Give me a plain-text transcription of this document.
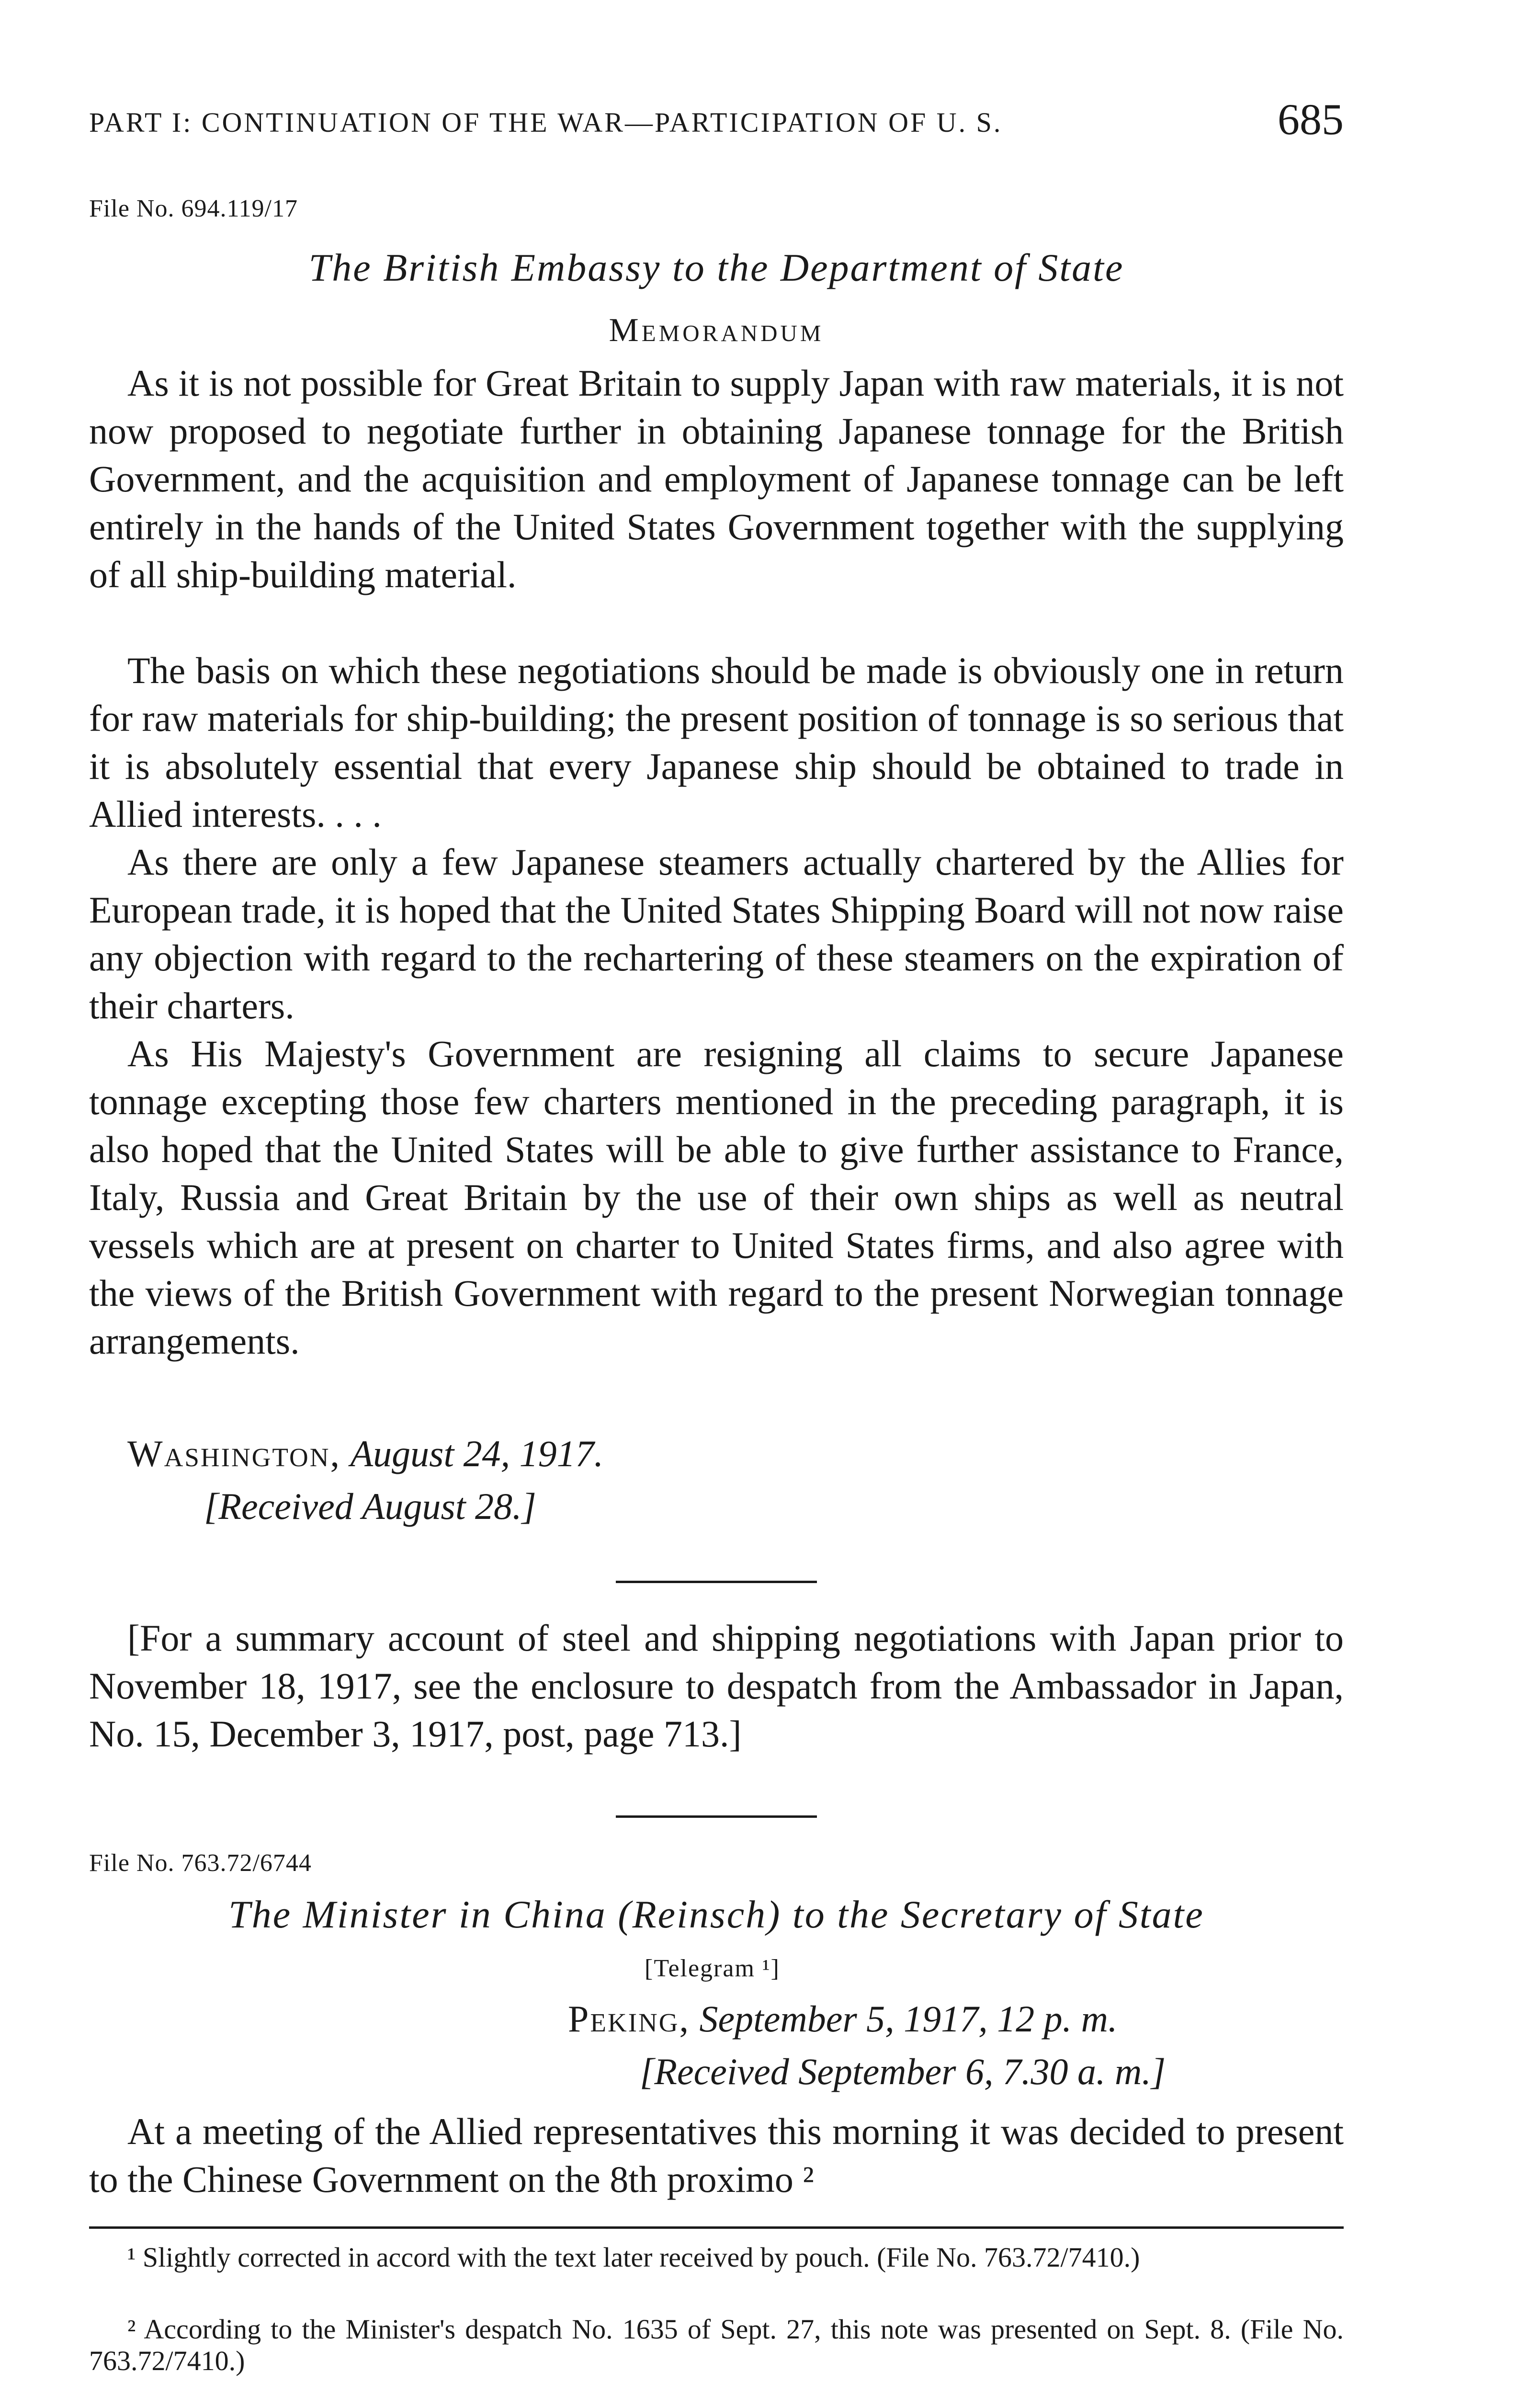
PART I: CONTINUATION OF THE WAR—PARTICIPATION OF U. S.	685
File No. 694.119/17
The British Embassy to the Department of State
Memorandum

As it is not possible for Great Britain to supply Japan with raw materials, it is not now proposed to negotiate further in obtaining Japanese tonnage for the British Government, and the acquisition and employment of Japanese tonnage can be left entirely in the hands of the United States Government together with the supplying of all ship-building material.

The basis on which these negotiations should be made is obviously one in return for raw materials for ship-building; the present position of tonnage is so serious that it is absolutely essential that every Japanese ship should be obtained to trade in Allied interests. . . .

As there are only a few Japanese steamers actually chartered by the Allies for European trade, it is hoped that the United States Shipping Board will not now raise any objection with regard to the rechartering of these steamers on the expiration of their charters.

As His Majesty's Government are resigning all claims to secure Japanese tonnage excepting those few charters mentioned in the preceding paragraph, it is also hoped that the United States will be able to give further assistance to France, Italy, Russia and Great Britain by the use of their own ships as well as neutral vessels which are at present on charter to United States firms, and also agree with the views of the British Government with regard to the present Norwegian tonnage arrangements.

Washington, August 24, 1917.
[Received August 28.]

[For a summary account of steel and shipping negotiations with Japan prior to November 18, 1917, see the enclosure to despatch from the Ambassador in Japan, No. 15, December 3, 1917, post, page 713.]

File No. 763.72/6744
The Minister in China (Reinsch) to the Secretary of State
[Telegram ¹]
Peking, September 5, 1917, 12 p. m.
[Received September 6, 7.30 a. m.]

At a meeting of the Allied representatives this morning it was decided to present to the Chinese Government on the 8th proximo ²

¹ Slightly corrected in accord with the text later received by pouch. (File No. 763.72/7410.)

² According to the Minister's despatch No. 1635 of Sept. 27, this note was presented on Sept. 8. (File No. 763.72/7410.)
